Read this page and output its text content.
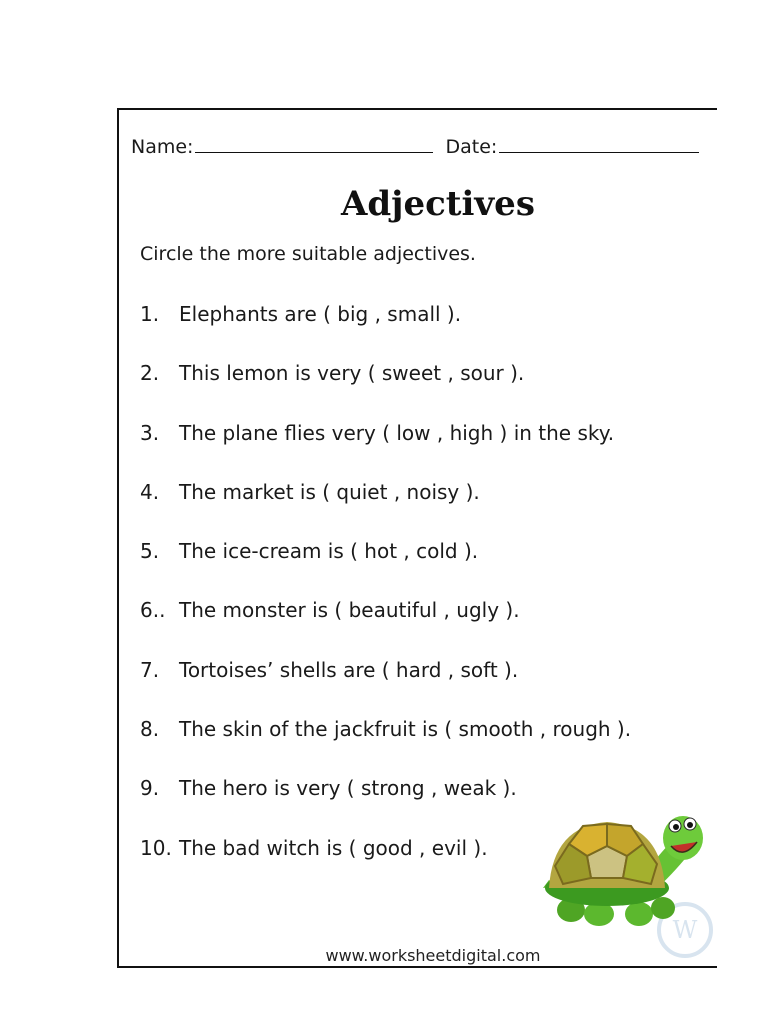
Name:	Date:
Adjectives
Circle the more suitable adjectives.
1. Elephants are ( big , small ).
2. This lemon is very ( sweet , sour ).
3. The plane flies very ( low , high ) in the sky.
4. The market is ( quiet , noisy ).
5. The ice-cream is ( hot , cold ).
6.. The monster is ( beautiful , ugly ).
7. Tortoises’ shells are ( hard , soft ).
8. The skin of the jackfruit is ( smooth , rough ).
9. The hero is very ( strong , weak ).
10. The bad witch is ( good , evil ).
W
www.worksheetdigital.com
